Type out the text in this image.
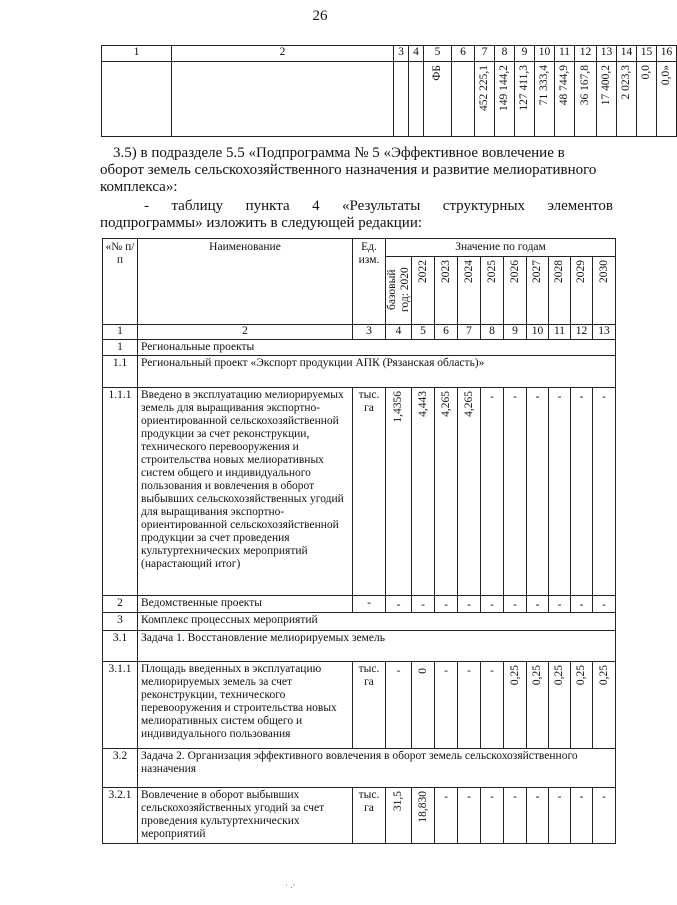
26
1	2	3	4	5	6	7	8	9	10	11	12	13	14	15	16
				ФБ		452 225,1	149 144,2	127 411,3	71 333,4	48 744,9	36 167,8	17 400,2	2 023,3	0,0	0,0»
3.5) в подразделе 5.5 «Подпрограмма № 5 «Эффективное вовлечение в
оборот земель сельскохозяйственного назначения и развитие мелиоративного
комплекса»:
- таблицу пункта 4 «Результаты структурных элементов
подпрограммы» изложить в следующей редакции:
«№ п/п	Наименование	Ед. изм.	Значение по годам									
			базовый год: 2020	2022	2023	2024	2025	2026	2027	2028	2029	2030
1	2	3	4	5	6	7	8	9	10	11	12	13
1	Региональные проекты											
1.1	Региональный проект «Экспорт продукции АПК (Рязанская область)»											
1.1.1	Введено в эксплуатацию мелиорируемых земель для выращивания экспортно-ориентированной сельскохозяйственной продукции за счет реконструкции, технического перевооружения и строительства новых мелиоративных систем общего и индивидуального пользования и вовлечения в оборот выбывших сельскохозяйственных угодий для выращивания экспортно-ориентированной сельскохозяйственной продукции за счет проведения культуртехнических мероприятий (нарастающий итог)	тыс. га	1,4356	4,443	4,265	4,265	-	-	-	-	-	-
2	Ведомственные проекты	-	-	-	-	-	-	-	-	-	-	-
3	Комплекс процессных мероприятий											
3.1	Задача 1. Восстановление мелиорируемых земель											
3.1.1	Площадь введенных в эксплуатацию мелиорируемых земель за счет реконструкции, технического перевооружения и строительства новых мелиоративных систем общего и индивидуального пользования	тыс. га	-	0	-	-	-	0,25	0,25	0,25	0,25	0,25
3.2	Задача 2. Организация эффективного вовлечения в оборот земель сельскохозяйственного назначения											
3.2.1	Вовлечение в оборот выбывших сельскохозяйственных угодий за счет проведения культуртехнических мероприятий	тыс. га	31,5	18,830	-	-	-	-	-	-	-	-
· .·
